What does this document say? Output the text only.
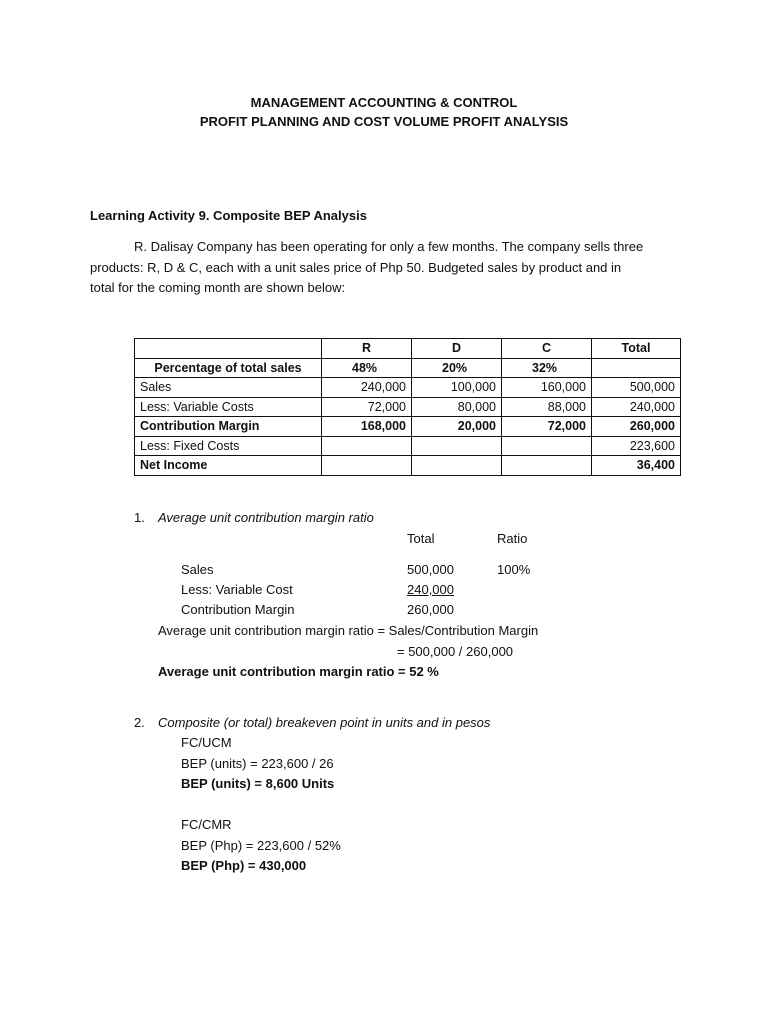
MANAGEMENT ACCOUNTING & CONTROL
PROFIT PLANNING AND COST VOLUME PROFIT ANALYSIS
Learning Activity 9. Composite BEP Analysis
R. Dalisay Company has been operating for only a few months. The company sells three
products: R, D & C, each with a unit sales price of Php 50. Budgeted sales by product and in
total for the coming month are shown below:
	R	D	C	Total
Percentage of total sales	48%	20%	32%	
Sales	240,000	100,000	160,000	500,000
Less: Variable Costs	72,000	80,000	88,000	240,000
Contribution Margin	168,000	20,000	72,000	260,000
Less: Fixed Costs				223,600
Net Income				36,400
1. Average unit contribution margin ratio
Total	Ratio
Sales	500,000	100%
Less: Variable Cost	240,000
Contribution Margin	260,000
Average unit contribution margin ratio = Sales/Contribution Margin
= 500,000 / 260,000
Average unit contribution margin ratio = 52 %
2. Composite (or total) breakeven point in units and in pesos
FC/UCM
BEP (units) = 223,600 / 26
BEP (units) = 8,600 Units
FC/CMR
BEP (Php) = 223,600 / 52%
BEP (Php) = 430,000
